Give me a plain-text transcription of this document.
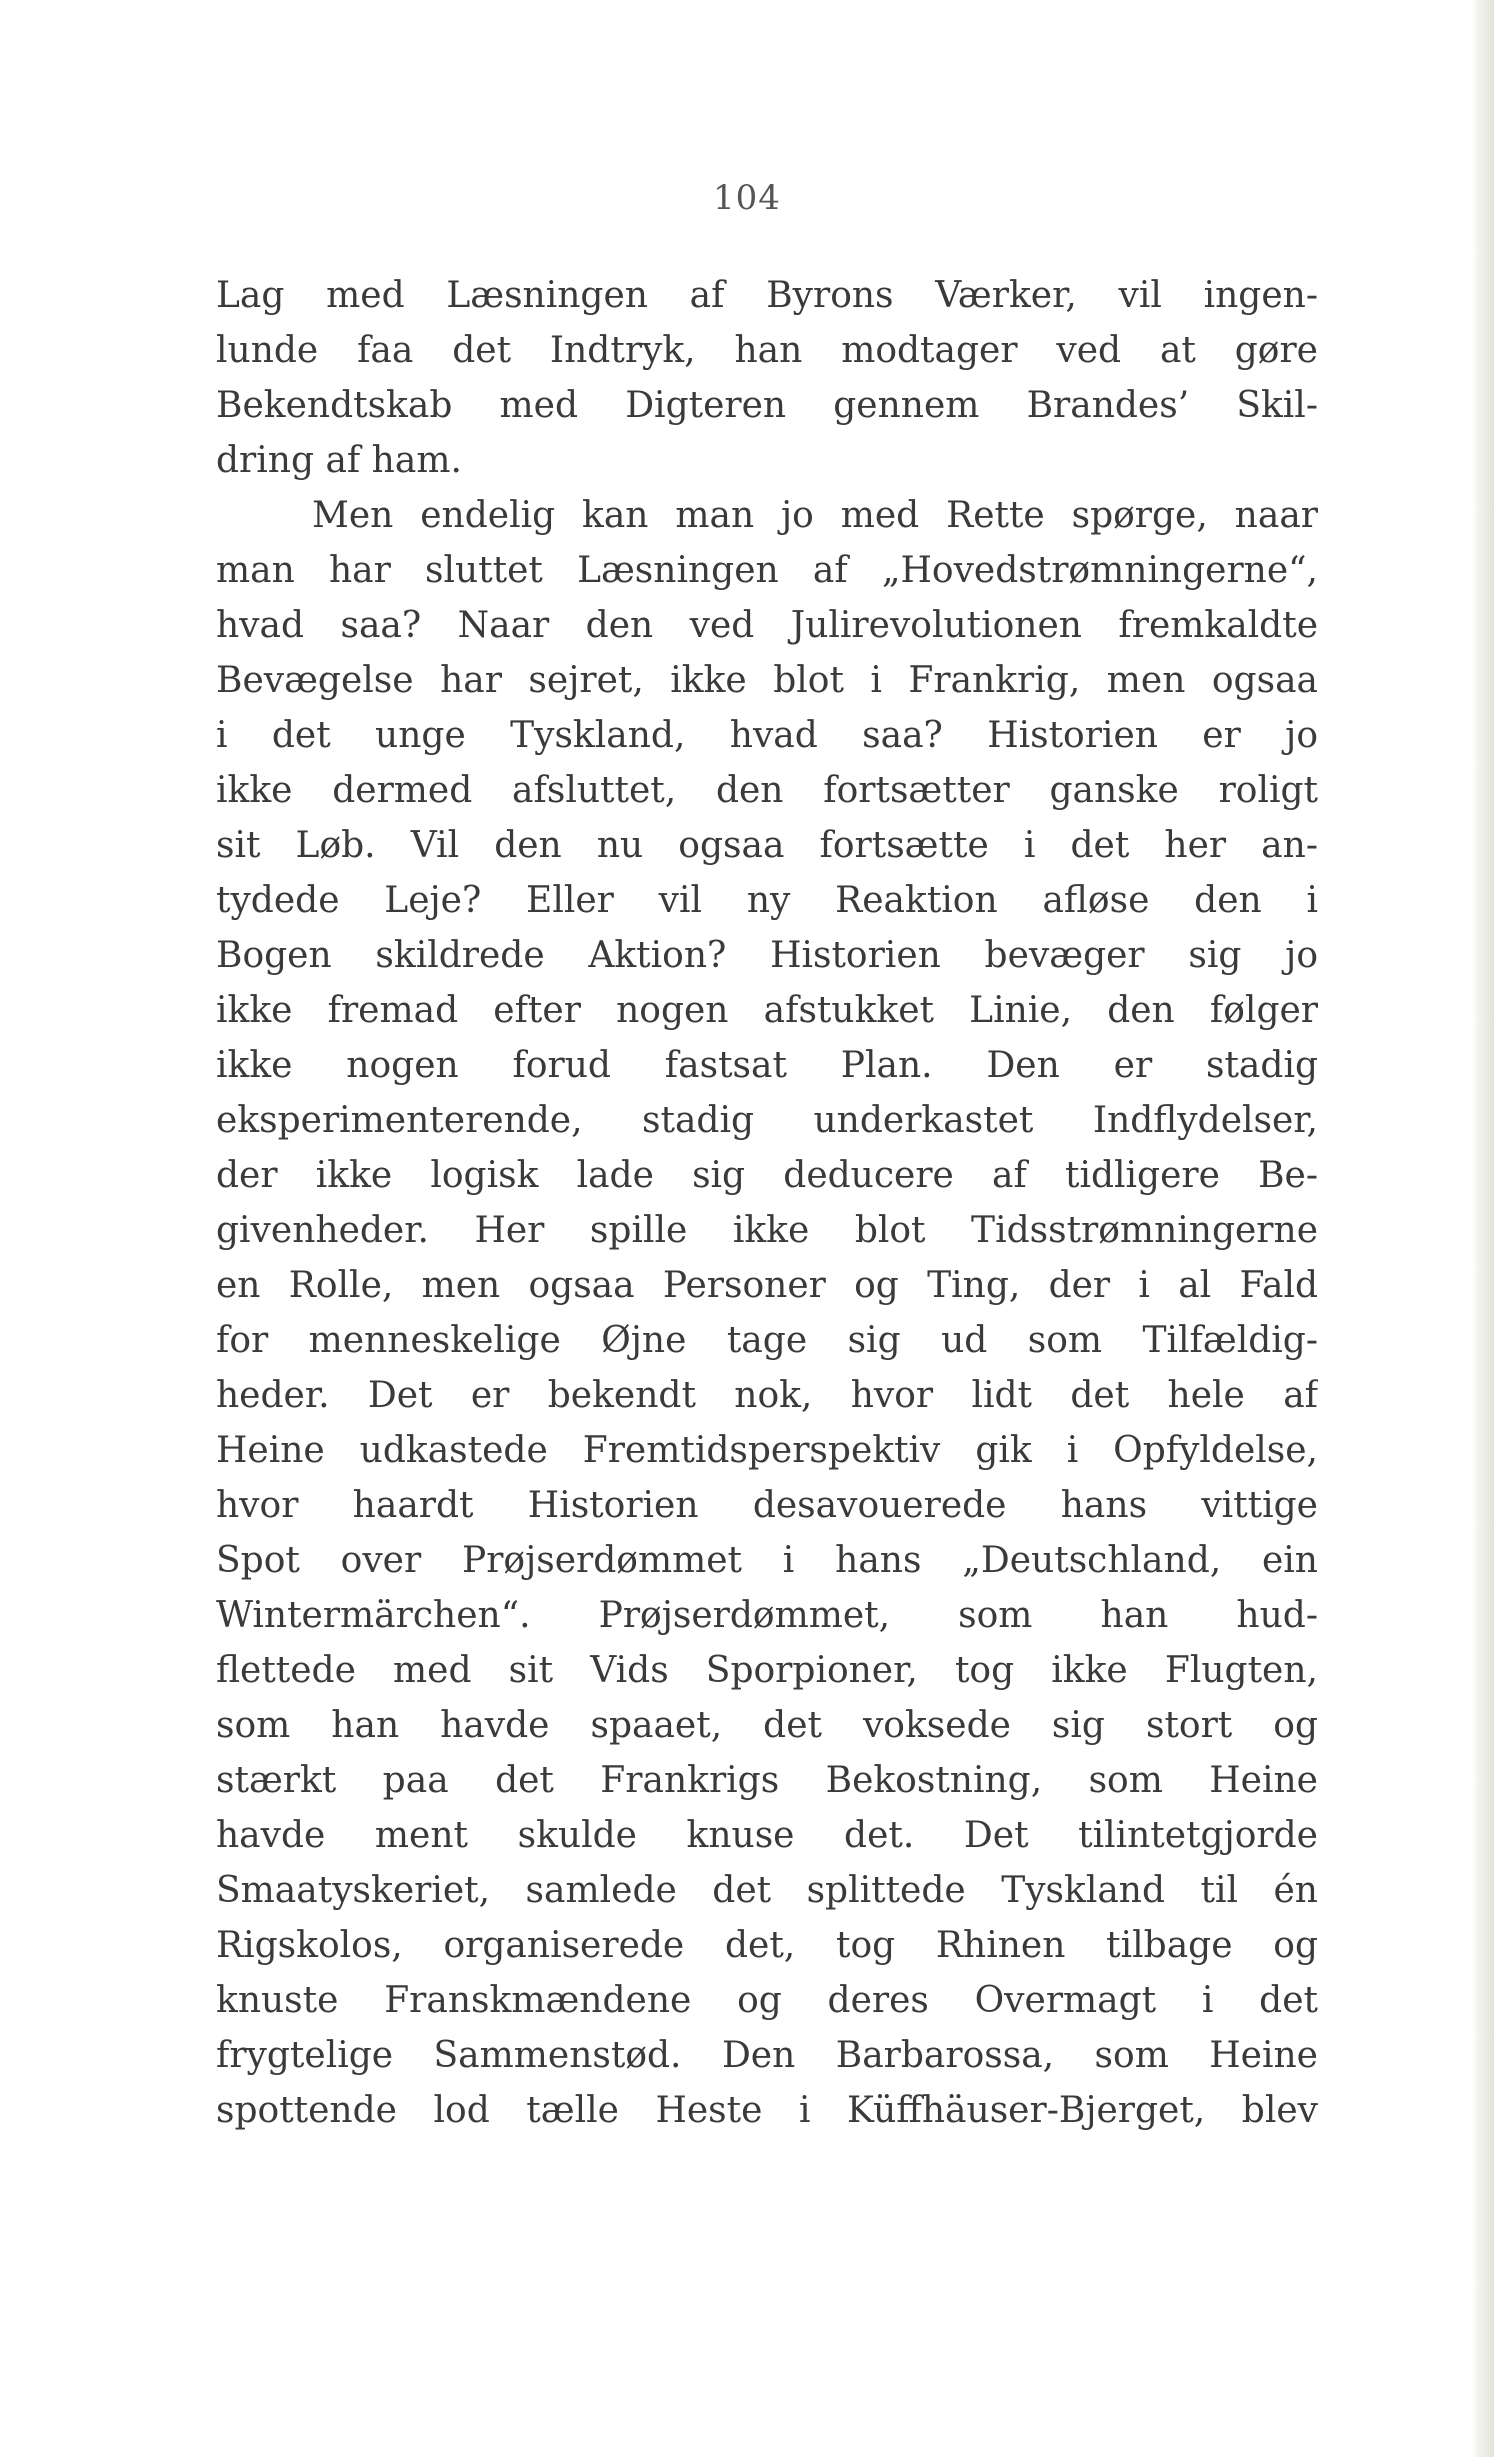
104
Lag med Læsningen af Byrons Værker, vil ingen-
lunde faa det Indtryk, han modtager ved at gøre
Bekendtskab med Digteren gennem Brandes’ Skil-
dring af ham.
Men endelig kan man jo med Rette spørge, naar
man har sluttet Læsningen af „Hovedstrømningerne“,
hvad saa? Naar den ved Julirevolutionen fremkaldte
Bevægelse har sejret, ikke blot i Frankrig, men ogsaa
i det unge Tyskland, hvad saa? Historien er jo
ikke dermed afsluttet, den fortsætter ganske roligt
sit Løb. Vil den nu ogsaa fortsætte i det her an-
tydede Leje? Eller vil ny Reaktion afløse den i
Bogen skildrede Aktion? Historien bevæger sig jo
ikke fremad efter nogen afstukket Linie, den følger
ikke nogen forud fastsat Plan. Den er stadig
eksperimenterende, stadig underkastet Indflydelser,
der ikke logisk lade sig deducere af tidligere Be-
givenheder. Her spille ikke blot Tidsstrømningerne
en Rolle, men ogsaa Personer og Ting, der i al Fald
for menneskelige Øjne tage sig ud som Tilfældig-
heder. Det er bekendt nok, hvor lidt det hele af
Heine udkastede Fremtidsperspektiv gik i Opfyldelse,
hvor haardt Historien desavouerede hans vittige
Spot over Prøjserdømmet i hans „Deutschland, ein
Wintermärchen“. Prøjserdømmet, som han hud-
flettede med sit Vids Sporpioner, tog ikke Flugten,
som han havde spaaet, det voksede sig stort og
stærkt paa det Frankrigs Bekostning, som Heine
havde ment skulde knuse det. Det tilintetgjorde
Smaatyskeriet, samlede det splittede Tyskland til én
Rigskolos, organiserede det, tog Rhinen tilbage og
knuste Franskmændene og deres Overmagt i det
frygtelige Sammenstød. Den Barbarossa, som Heine
spottende lod tælle Heste i Küffhäuser-Bjerget, blev
